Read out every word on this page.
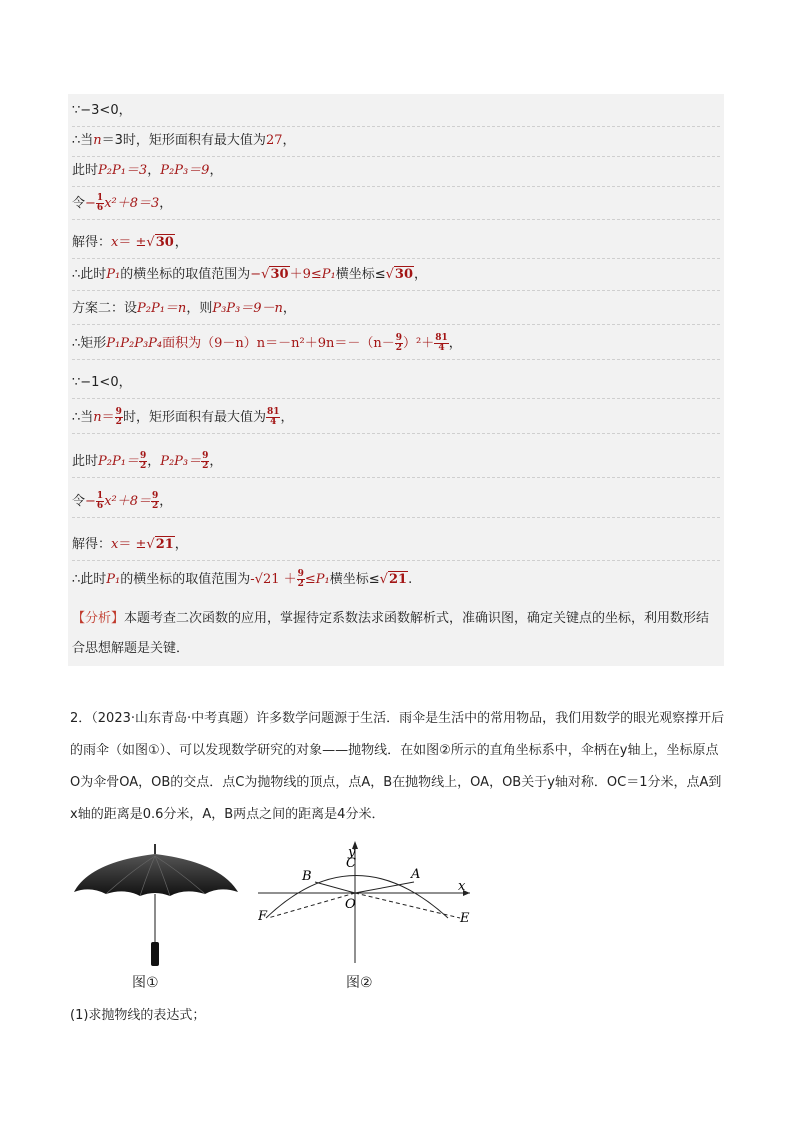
∵−3<0，
∴当n＝3时，矩形面积有最大值为27，
此时P₂P₁＝3，P₂P₃＝9，
令− $\frac{1}{6} x^2+8=3$，
解得：x＝ ±√30，
∴此时P₁的横坐标的取值范围为−√30＋9≤P₁横坐标≤√30，
方案二：设P₂P₁＝n，则P₃P₃＝9－n，
∴矩形P₁P₂P₃P₄面积为$(9-n)n=-n^2+9n=-(n- \frac{9}{2} )^2+ \frac{81}{4}$ ，
∵−1<0，
∴当$n= \frac{9}{2}$ 时，矩形面积有最大值为 $\frac{81}{4}$ ，
此时$P_2P_1= \frac{9}{2}$ ，$P_2P_3= \frac{9}{2}$ ，
令− $\frac{1}{6} x^2+8= \frac{9}{2}$ ，
解得：x＝ ±√21，
∴此时P₁的横坐标的取值范围为$-√21 + \frac{9}{2} \le P_1$横坐标≤√21.
【分析】本题考查二次函数的应用，掌握待定系数法求函数解析式，准确识图，确定关键点的坐标，利用数形结合思想解题是关键．
2．（2023·山东青岛·中考真题）许多数学问题源于生活．雨伞是生活中的常用物品，我们用数学的眼光观察撑开后的雨伞（如图①）、可以发现数学研究的对象——抛物线．在如图②所示的直角坐标系中，伞柄在y轴上，坐标原点O为伞骨OA，OB的交点．点C为抛物线的顶点，点A，B在抛物线上，OA，OB关于y轴对称．OC＝1分米，点A到x轴的距离是0.6分米，A，B两点之间的距离是4分米．
图①
y
x
C
B	A
O
F	E
图②
(1)求抛物线的表达式；
